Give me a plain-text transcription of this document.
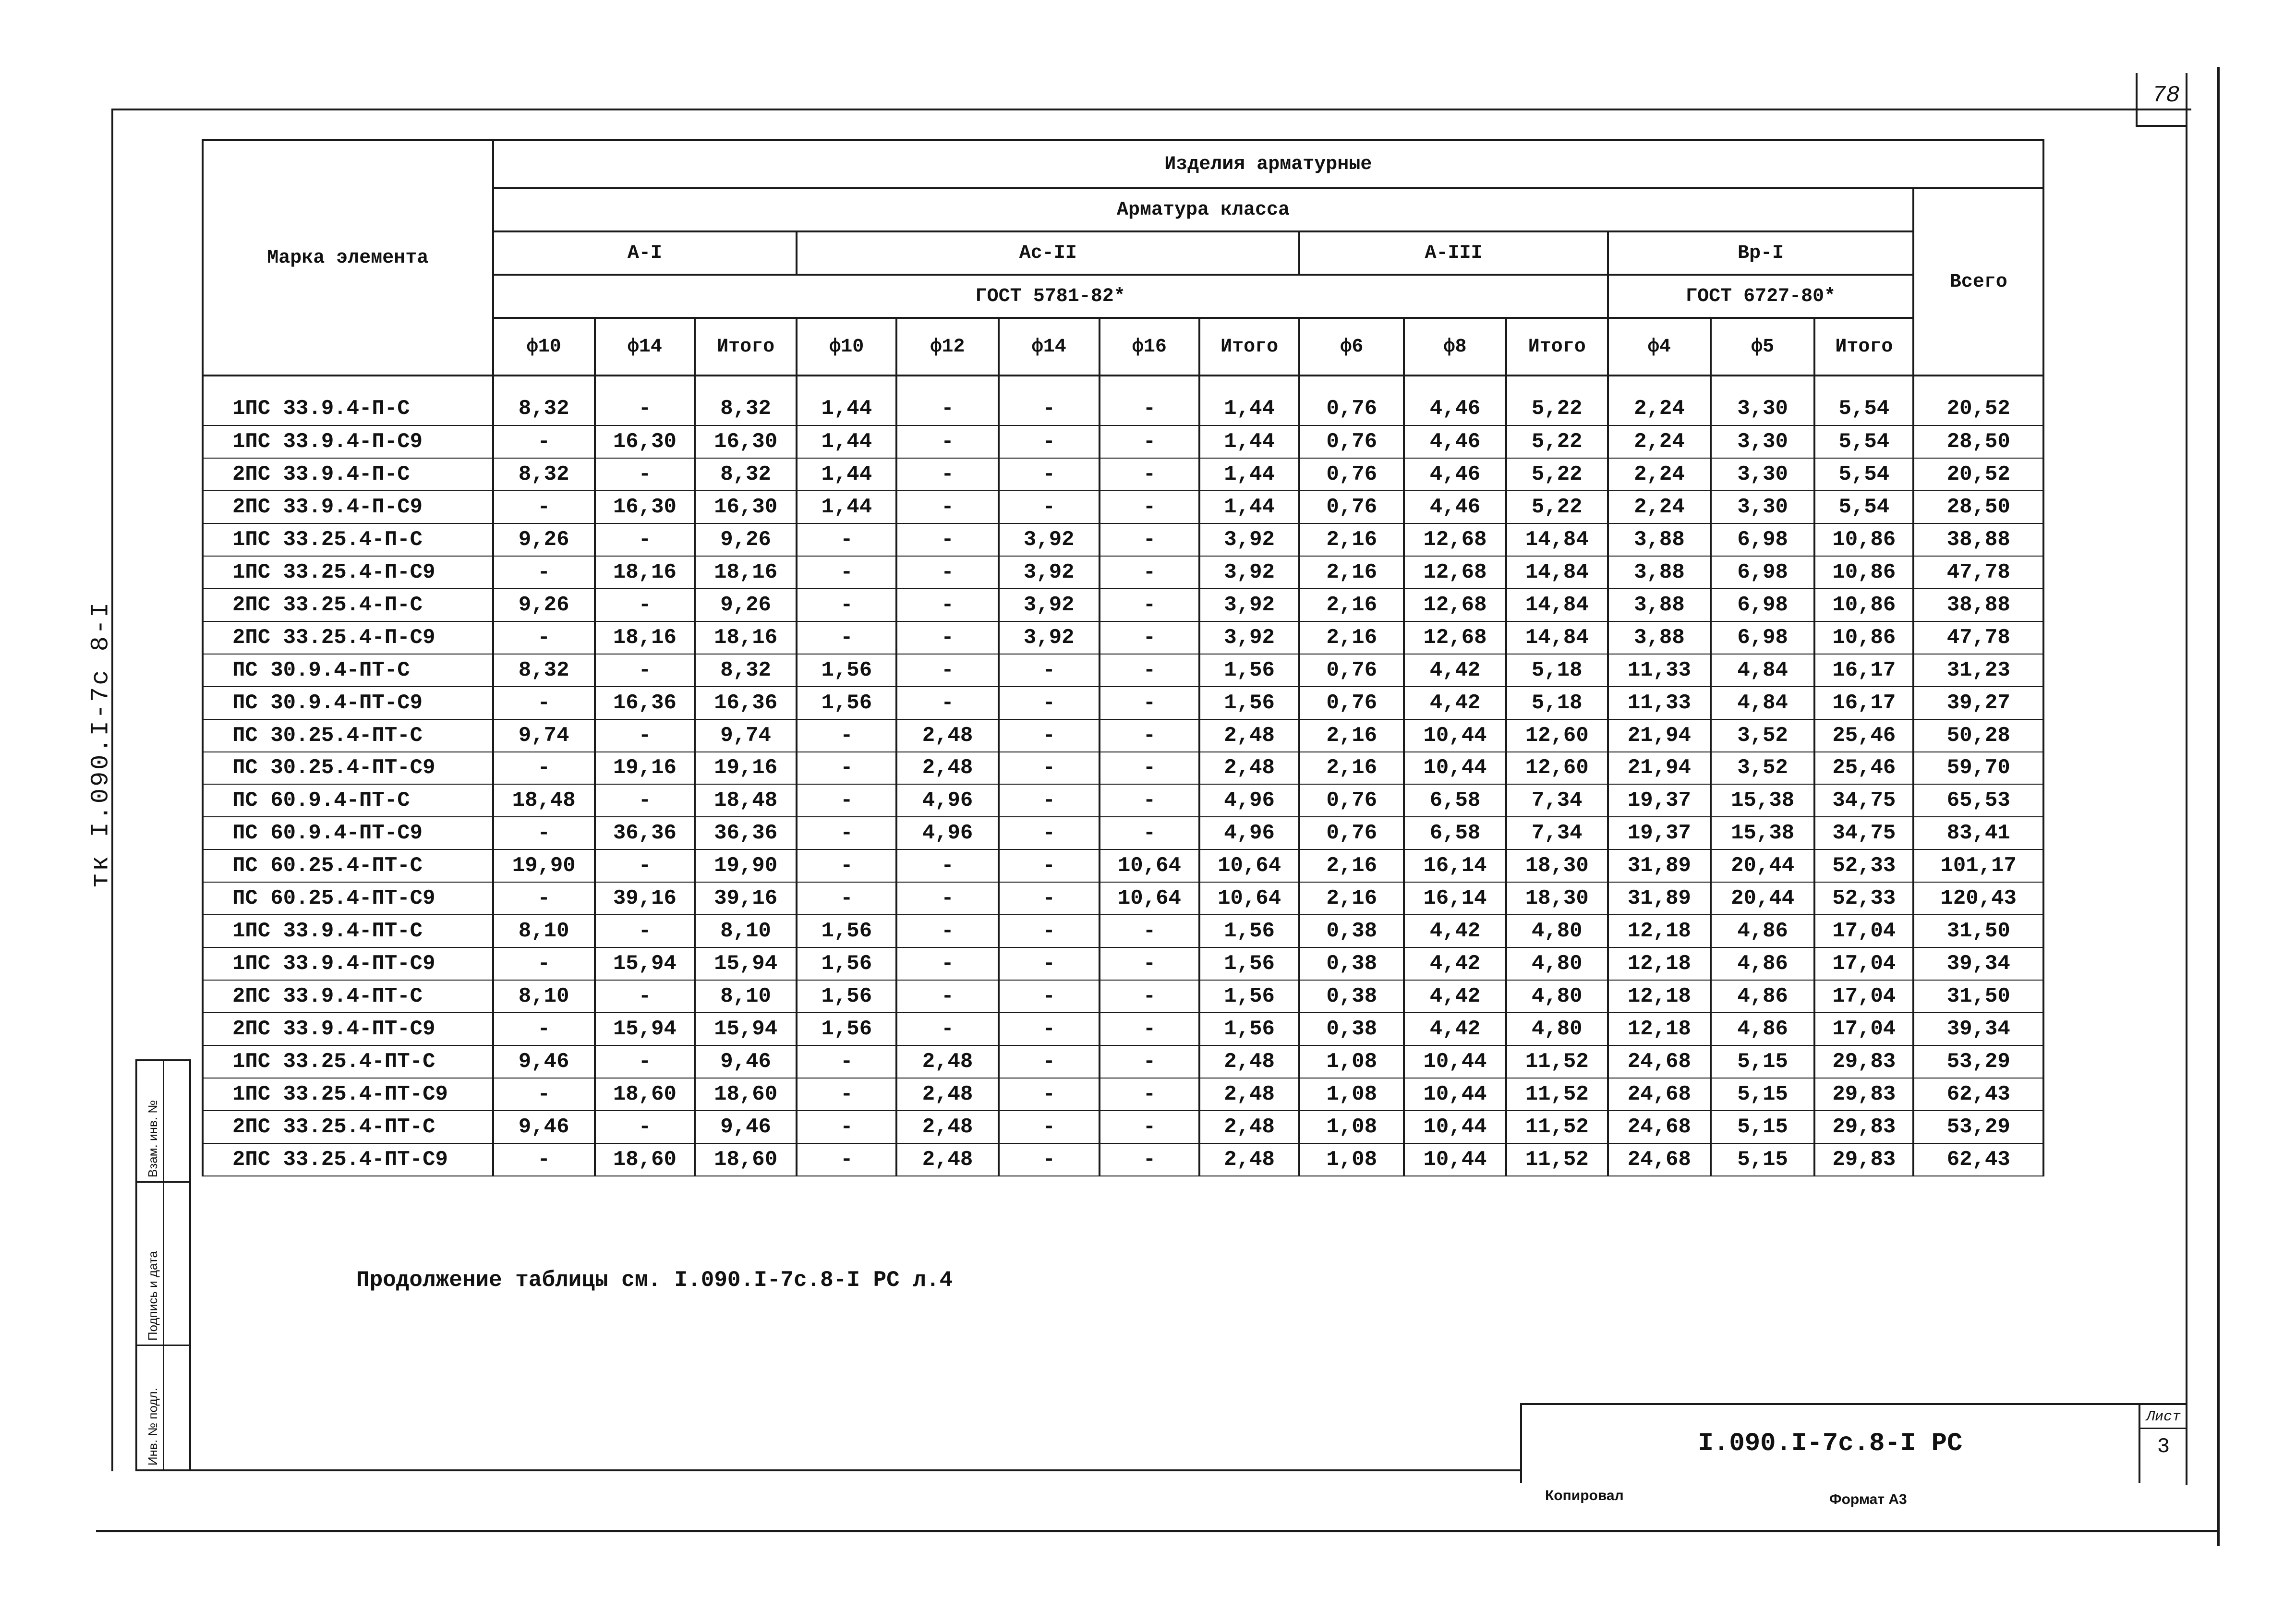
78
тк I.090.I-7с 8-I
Взам. инв. №
Подпись и дата
Инв. № подл.
Марка элемента	Изделия арматурные														
	Арматура класса														Всего
	А-I			Ас-II					А-III			Вр-I			
	ГОСТ 5781-82*											ГОСТ 6727-80*			
	ф10	ф14	Итого	ф10	ф12	ф14	ф16	Итого	ф6	ф8	Итого	ф4	ф5	Итого	
1ПС 33.9.4-П-С	8,32	-	8,32	1,44	-	-	-	1,44	0,76	4,46	5,22	2,24	3,30	5,54	20,52
1ПС 33.9.4-П-С9	-	16,30	16,30	1,44	-	-	-	1,44	0,76	4,46	5,22	2,24	3,30	5,54	28,50
2ПС 33.9.4-П-С	8,32	-	8,32	1,44	-	-	-	1,44	0,76	4,46	5,22	2,24	3,30	5,54	20,52
2ПС 33.9.4-П-С9	-	16,30	16,30	1,44	-	-	-	1,44	0,76	4,46	5,22	2,24	3,30	5,54	28,50
1ПС 33.25.4-П-С	9,26	-	9,26	-	-	3,92	-	3,92	2,16	12,68	14,84	3,88	6,98	10,86	38,88
1ПС 33.25.4-П-С9	-	18,16	18,16	-	-	3,92	-	3,92	2,16	12,68	14,84	3,88	6,98	10,86	47,78
2ПС 33.25.4-П-С	9,26	-	9,26	-	-	3,92	-	3,92	2,16	12,68	14,84	3,88	6,98	10,86	38,88
2ПС 33.25.4-П-С9	-	18,16	18,16	-	-	3,92	-	3,92	2,16	12,68	14,84	3,88	6,98	10,86	47,78
ПС 30.9.4-ПТ-С	8,32	-	8,32	1,56	-	-	-	1,56	0,76	4,42	5,18	11,33	4,84	16,17	31,23
ПС 30.9.4-ПТ-С9	-	16,36	16,36	1,56	-	-	-	1,56	0,76	4,42	5,18	11,33	4,84	16,17	39,27
ПС 30.25.4-ПТ-С	9,74	-	9,74	-	2,48	-	-	2,48	2,16	10,44	12,60	21,94	3,52	25,46	50,28
ПС 30.25.4-ПТ-С9	-	19,16	19,16	-	2,48	-	-	2,48	2,16	10,44	12,60	21,94	3,52	25,46	59,70
ПС 60.9.4-ПТ-С	18,48	-	18,48	-	4,96	-	-	4,96	0,76	6,58	7,34	19,37	15,38	34,75	65,53
ПС 60.9.4-ПТ-С9	-	36,36	36,36	-	4,96	-	-	4,96	0,76	6,58	7,34	19,37	15,38	34,75	83,41
ПС 60.25.4-ПТ-С	19,90	-	19,90	-	-	-	10,64	10,64	2,16	16,14	18,30	31,89	20,44	52,33	101,17
ПС 60.25.4-ПТ-С9	-	39,16	39,16	-	-	-	10,64	10,64	2,16	16,14	18,30	31,89	20,44	52,33	120,43
1ПС 33.9.4-ПТ-С	8,10	-	8,10	1,56	-	-	-	1,56	0,38	4,42	4,80	12,18	4,86	17,04	31,50
1ПС 33.9.4-ПТ-С9	-	15,94	15,94	1,56	-	-	-	1,56	0,38	4,42	4,80	12,18	4,86	17,04	39,34
2ПС 33.9.4-ПТ-С	8,10	-	8,10	1,56	-	-	-	1,56	0,38	4,42	4,80	12,18	4,86	17,04	31,50
2ПС 33.9.4-ПТ-С9	-	15,94	15,94	1,56	-	-	-	1,56	0,38	4,42	4,80	12,18	4,86	17,04	39,34
1ПС 33.25.4-ПТ-С	9,46	-	9,46	-	2,48	-	-	2,48	1,08	10,44	11,52	24,68	5,15	29,83	53,29
1ПС 33.25.4-ПТ-С9	-	18,60	18,60	-	2,48	-	-	2,48	1,08	10,44	11,52	24,68	5,15	29,83	62,43
2ПС 33.25.4-ПТ-С	9,46	-	9,46	-	2,48	-	-	2,48	1,08	10,44	11,52	24,68	5,15	29,83	53,29
2ПС 33.25.4-ПТ-С9	-	18,60	18,60	-	2,48	-	-	2,48	1,08	10,44	11,52	24,68	5,15	29,83	62,43
Продолжение таблицы см. I.090.I-7с.8-I РС л.4
I.090.I-7с.8-I РС
Лист
3
Копировал	Формат А3
